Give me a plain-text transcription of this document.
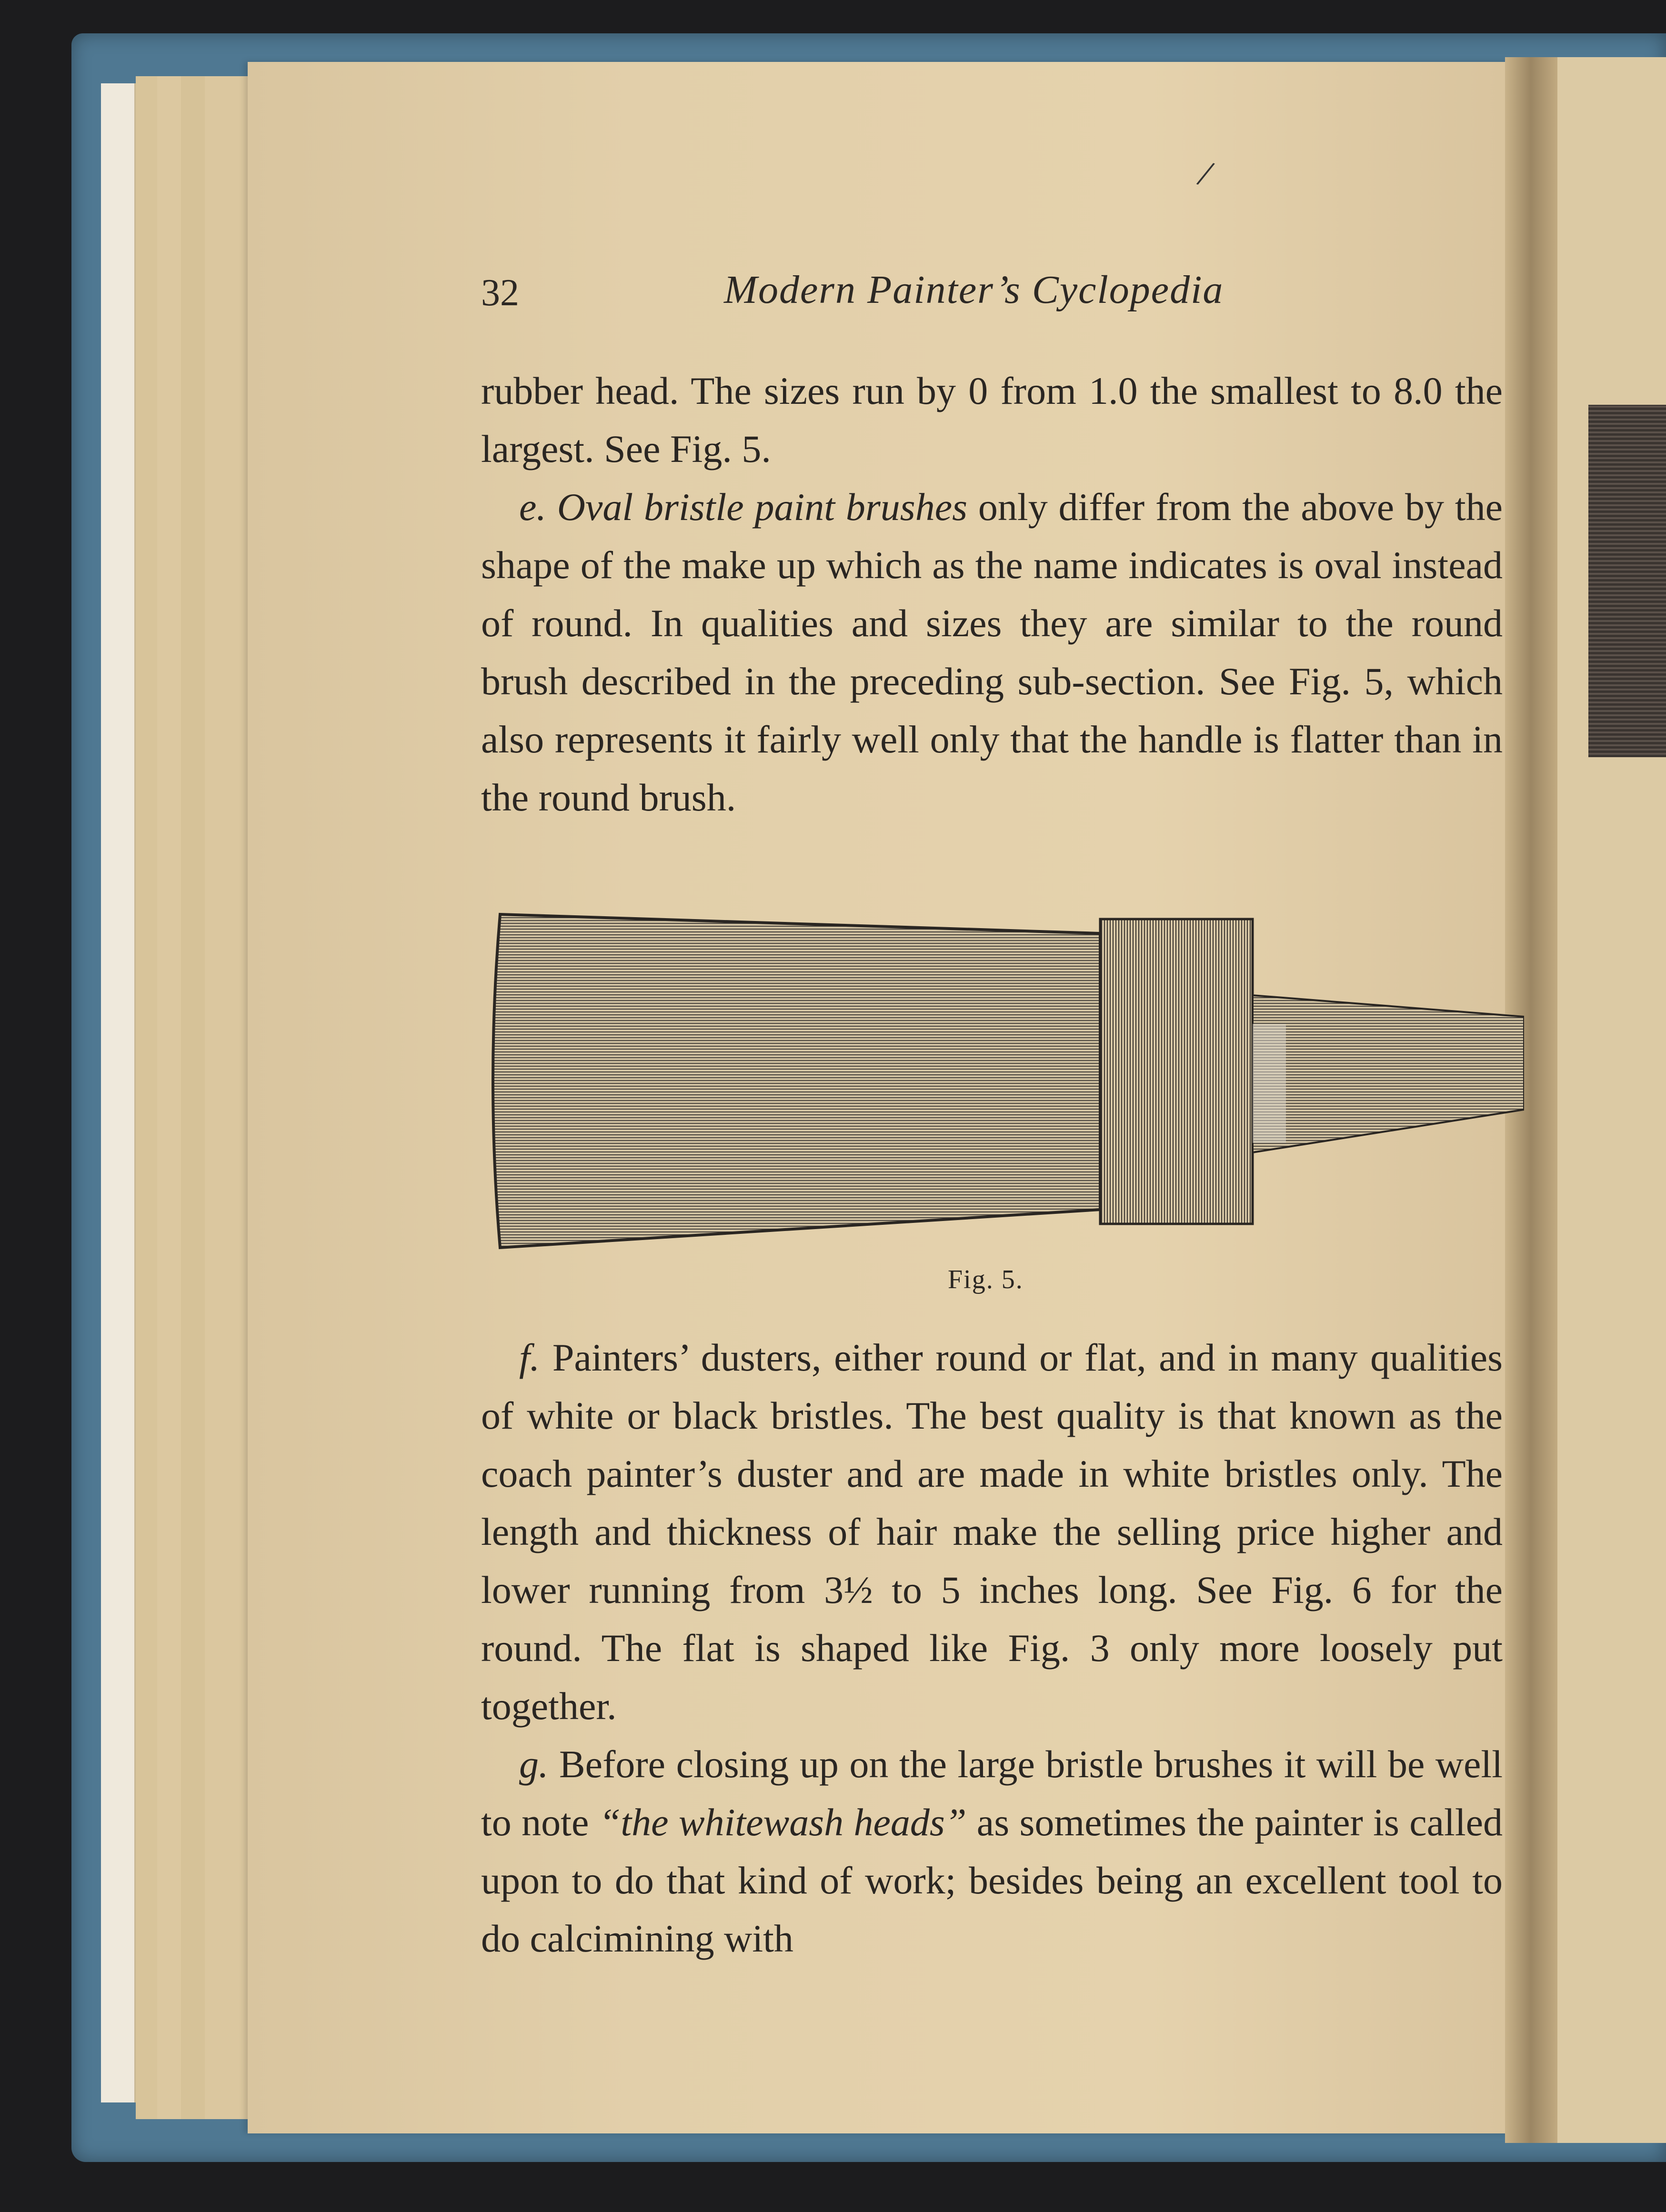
/
32	Modern Painter’s Cyclopedia

rubber head. The sizes run by 0 from 1.0 the smallest to 8.0 the largest. See Fig. 5.

e. Oval bristle paint brushes only differ from the above by the shape of the make up which as the name indicates is oval instead of round. In qualities and sizes they are similar to the round brush described in the preceding sub-section. See Fig. 5, which also represents it fairly well only that the handle is flatter than in the round brush.

Fig. 5.

f. Painters’ dusters, either round or flat, and in many qualities of white or black bristles. The best quality is that known as the coach painter’s duster and are made in white bristles only. The length and thickness of hair make the selling price higher and lower running from 3½ to 5 inches long. See Fig. 6 for the round. The flat is shaped like Fig. 3 only more loosely put together.

g. Before closing up on the large bristle brushes it will be well to note “the whitewash heads” as sometimes the painter is called upon to do that kind of work; besides being an excellent tool to do calcimining with
